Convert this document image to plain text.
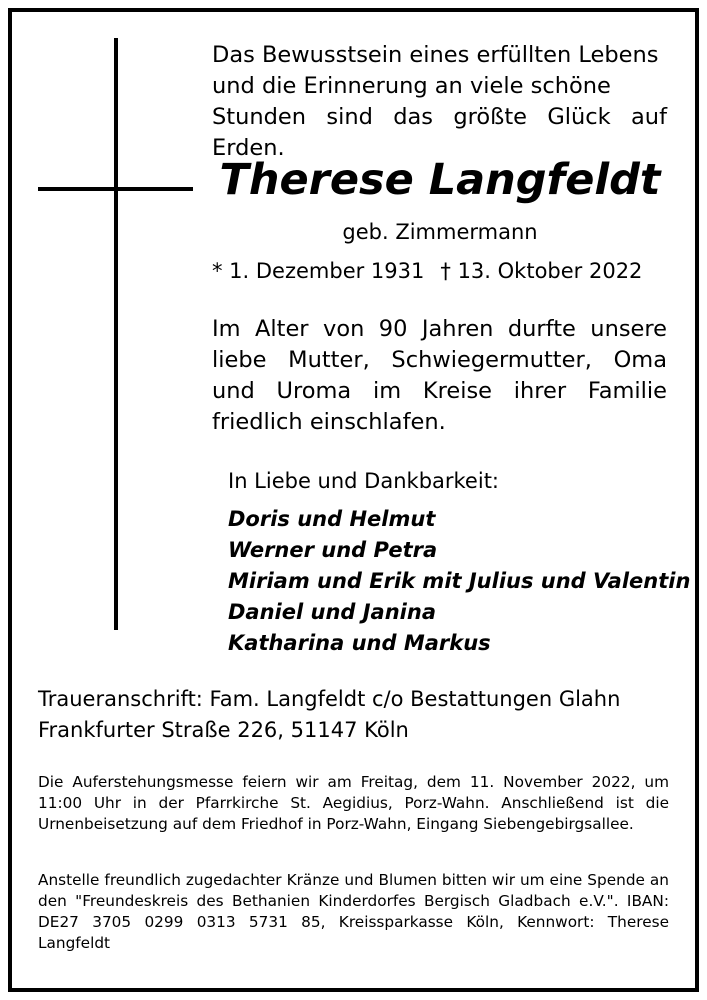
Das Bewusstsein eines erfüllten Lebens
und die Erinnerung an viele schöne
Stunden sind das größte Glück auf Erden.
Therese Langfeldt
geb. Zimmermann
* 1. Dezember 1931 † 13. Oktober 2022
Im Alter von 90 Jahren durfte unsere liebe Mutter, Schwiegermutter, Oma und Uroma im Kreise ihrer Familie friedlich einschlafen.
In Liebe und Dankbarkeit:
Doris und Helmut
Werner und Petra
Miriam und Erik mit Julius und Valentin
Daniel und Janina
Katharina und Markus
Traueranschrift: Fam. Langfeldt c/o Bestattungen Glahn
Frankfurter Straße 226, 51147 Köln
Die Auferstehungsmesse feiern wir am Freitag, dem 11. November 2022, um 11:00 Uhr in der Pfarrkirche St. Aegidius, Porz-Wahn. Anschließend ist die Urnenbeisetzung auf dem Friedhof in Porz-Wahn, Eingang Siebengebirgsallee.
Anstelle freundlich zugedachter Kränze und Blumen bitten wir um eine Spende an den "Freundeskreis des Bethanien Kinderdorfes Bergisch Gladbach e.V.". IBAN: DE27 3705 0299 0313 5731 85, Kreissparkasse Köln, Kennwort: Therese Langfeldt
